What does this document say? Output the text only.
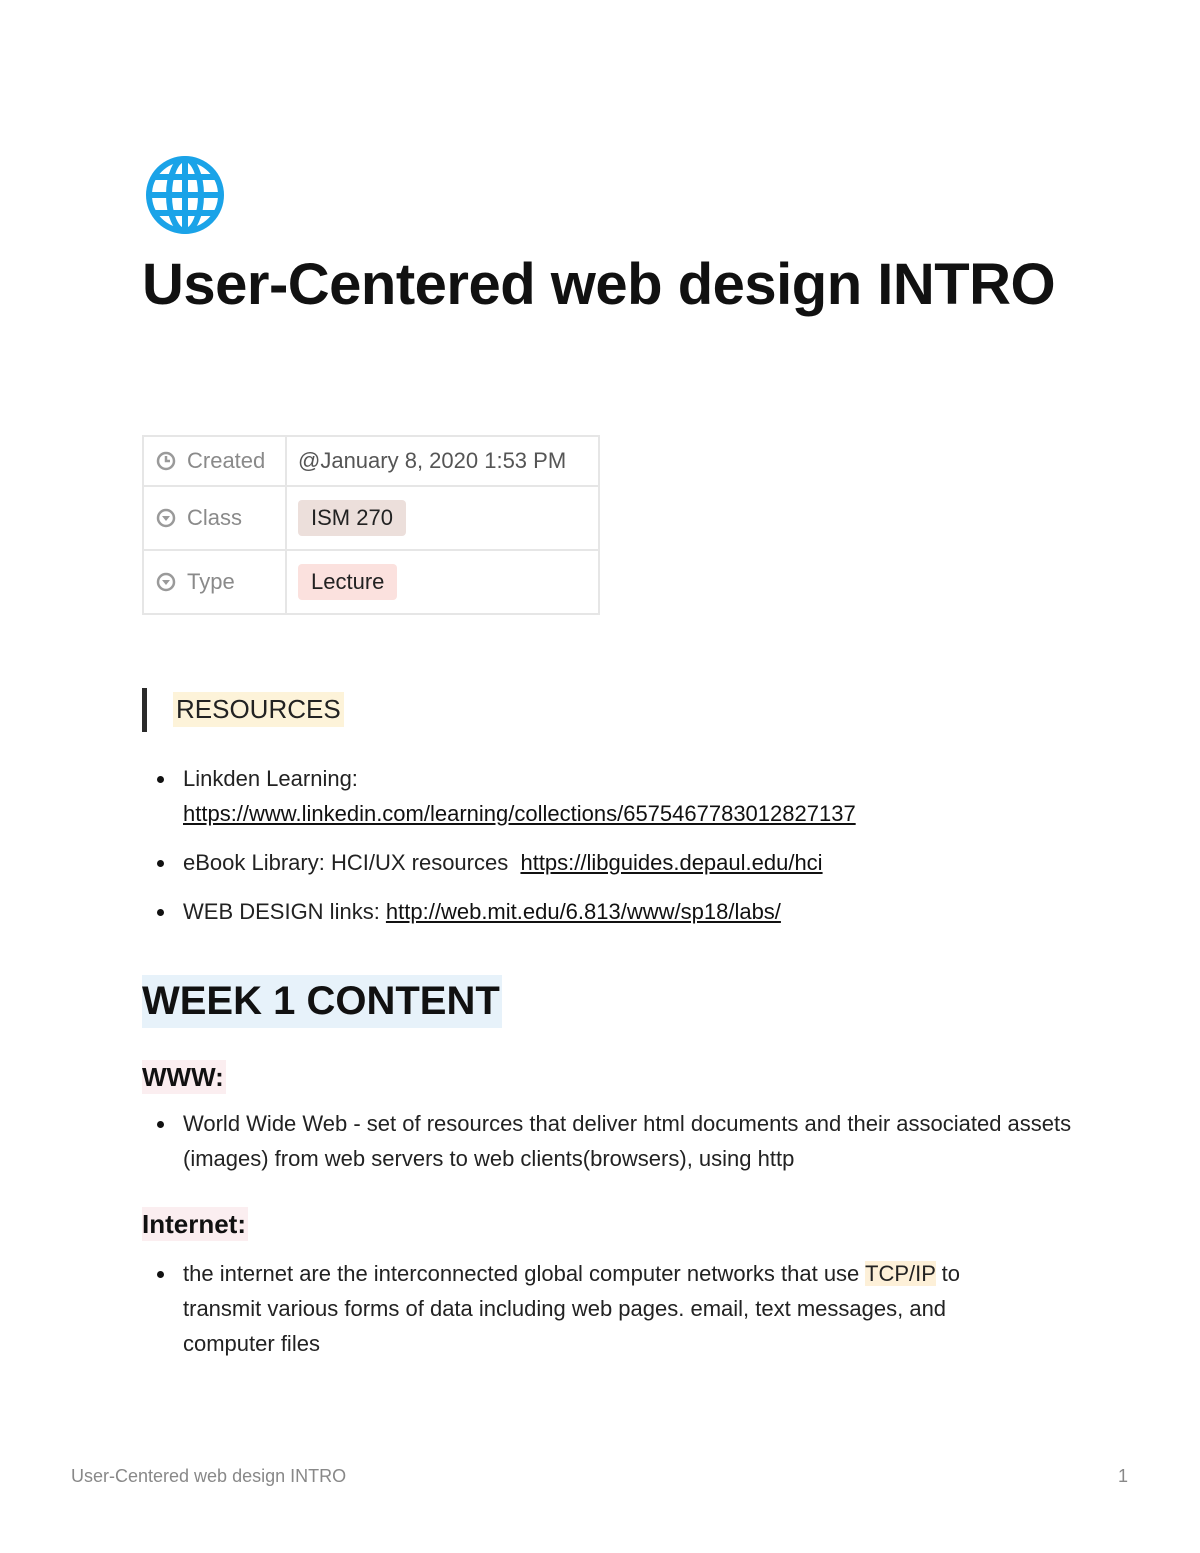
User-Centered web design INTRO
Created	@January 8, 2020 1:53 PM

Class	ISM 270

Type	Lecture
RESOURCES
Linkden Learning:
https://www.linkedin.com/learning/collections/6575467783012827137
eBook Library: HCI/UX resources  https://libguides.depaul.edu/hci
WEB DESIGN links: http://web.mit.edu/6.813/www/sp18/labs/
WEEK 1 CONTENT
WWW:
World Wide Web - set of resources that deliver html documents and their associated assets (images) from web servers to web clients(browsers), using http
Internet:
the internet are the interconnected global computer networks that use TCP/IP to transmit various forms of data including web pages. email, text messages, and computer files
User-Centered web design INTRO	1
